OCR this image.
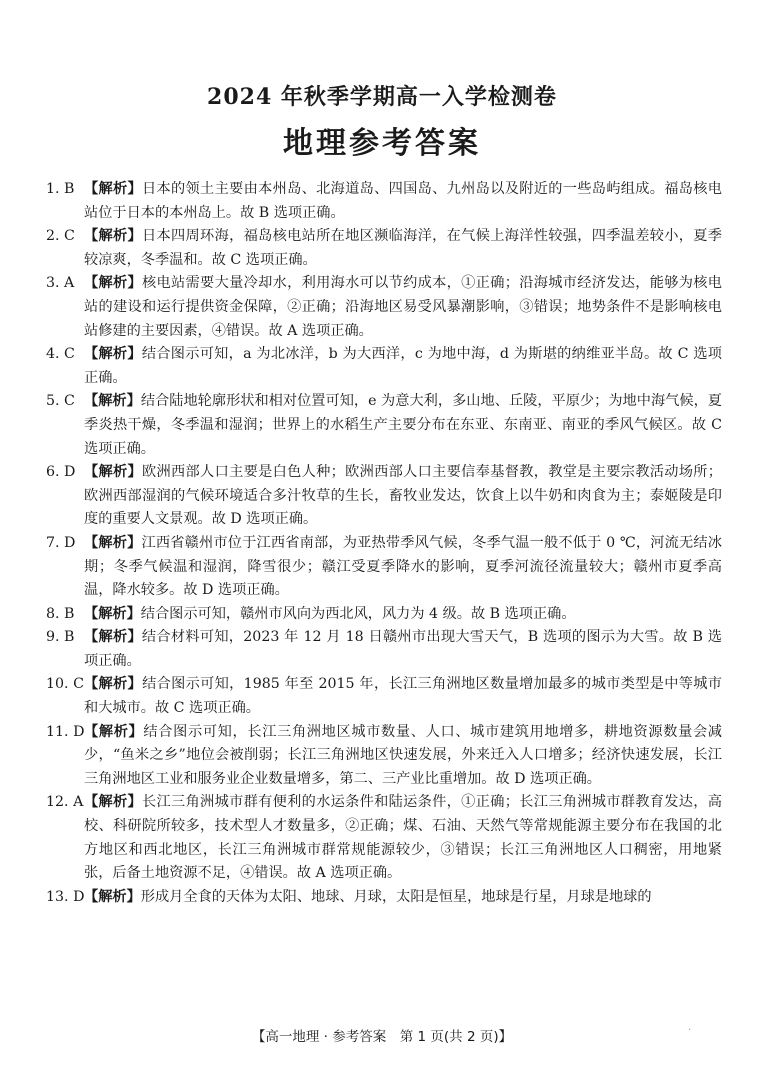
2024 年秋季学期高一入学检测卷
地理参考答案
1. B 【解析】日本的领土主要由本州岛、北海道岛、四国岛、九州岛以及附近的一些岛屿组成。福岛核电站位于日本的本州岛上。故 B 选项正确。
2. C 【解析】日本四周环海，福岛核电站所在地区濒临海洋，在气候上海洋性较强，四季温差较小，夏季较凉爽，冬季温和。故 C 选项正确。
3. A 【解析】核电站需要大量冷却水，利用海水可以节约成本，①正确；沿海城市经济发达，能够为核电站的建设和运行提供资金保障，②正确；沿海地区易受风暴潮影响，③错误；地势条件不是影响核电站修建的主要因素，④错误。故 A 选项正确。
4. C 【解析】结合图示可知，a 为北冰洋，b 为大西洋，c 为地中海，d 为斯堪的纳维亚半岛。故 C 选项正确。
5. C 【解析】结合陆地轮廓形状和相对位置可知，e 为意大利，多山地、丘陵，平原少；为地中海气候，夏季炎热干燥，冬季温和湿润；世界上的水稻生产主要分布在东亚、东南亚、南亚的季风气候区。故 C 选项正确。
6. D 【解析】欧洲西部人口主要是白色人种；欧洲西部人口主要信奉基督教，教堂是主要宗教活动场所；欧洲西部湿润的气候环境适合多汁牧草的生长，畜牧业发达，饮食上以牛奶和肉食为主；泰姬陵是印度的重要人文景观。故 D 选项正确。
7. D 【解析】江西省赣州市位于江西省南部，为亚热带季风气候，冬季气温一般不低于 0 ℃，河流无结冰期；冬季气候温和湿润，降雪很少；赣江受夏季降水的影响，夏季河流径流量较大；赣州市夏季高温，降水较多。故 D 选项正确。
8. B 【解析】结合图示可知，赣州市风向为西北风，风力为 4 级。故 B 选项正确。
9. B 【解析】结合材料可知，2023 年 12 月 18 日赣州市出现大雪天气，B 选项的图示为大雪。故 B 选项正确。
10. C 【解析】结合图示可知，1985 年至 2015 年，长江三角洲地区数量增加最多的城市类型是中等城市和大城市。故 C 选项正确。
11. D 【解析】结合图示可知，长江三角洲地区城市数量、人口、城市建筑用地增多，耕地资源数量会减少，“鱼米之乡”地位会被削弱；长江三角洲地区快速发展，外来迁入人口增多；经济快速发展，长江三角洲地区工业和服务业企业数量增多，第二、三产业比重增加。故 D 选项正确。
12. A 【解析】长江三角洲城市群有便利的水运条件和陆运条件，①正确；长江三角洲城市群教育发达，高校、科研院所较多，技术型人才数量多，②正确；煤、石油、天然气等常规能源主要分布在我国的北方地区和西北地区，长江三角洲城市群常规能源较少，③错误；长江三角洲地区人口稠密，用地紧张，后备土地资源不足，④错误。故 A 选项正确。
13. D 【解析】形成月全食的天体为太阳、地球、月球，太阳是恒星，地球是行星，月球是地球的
【高一地理 · 参考答案　第 1 页(共 2 页)】
.
